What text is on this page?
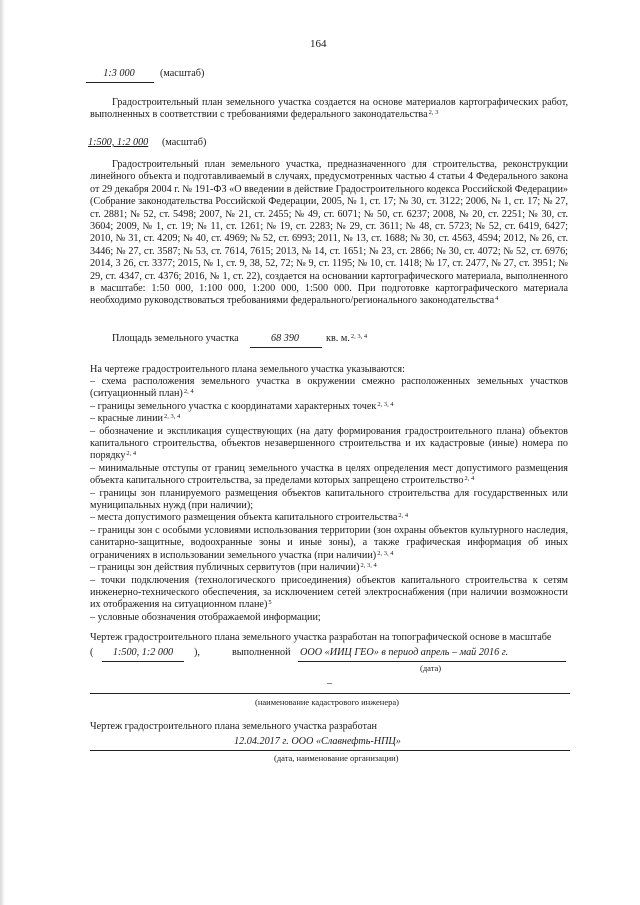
164
1:3 000	(масштаб)
Градостроительный план земельного участка создается на основе материалов картографических работ, выполненных в соответствии с требованиями федерального законодательства$^{2, 3}$
1:500, 1:2 000 (масштаб)
Градостроительный план земельного участка, предназначенного для строительства, реконструкции линейного объекта и подготавливаемый в случаях, предусмотренных частью 4 статьи 4 Федерального закона от 29 декабря 2004 г. № 191-ФЗ «О введении в действие Градостроительного кодекса Российской Федерации» (Собрание законодательства Российской Федерации, 2005, № 1, ст. 17; № 30, ст. 3122; 2006, № 1, ст. 17; № 27, ст. 2881; № 52, ст. 5498; 2007, № 21, ст. 2455; № 49, ст. 6071; № 50, ст. 6237; 2008, № 20, ст. 2251; № 30, ст. 3604; 2009, № 1, ст. 19; № 11, ст. 1261; № 19, ст. 2283; № 29, ст. 3611; № 48, ст. 5723; № 52, ст. 6419, 6427; 2010, № 31, ст. 4209; № 40, ст. 4969; № 52, ст. 6993; 2011, № 13, ст. 1688; № 30, ст. 4563, 4594; 2012, № 26, ст. 3446; № 27, ст. 3587; № 53, ст. 7614, 7615; 2013, № 14, ст. 1651; № 23, ст. 2866; № 30, ст. 4072; № 52, ст. 6976; 2014, 3 26, ст. 3377; 2015, № 1, ст. 9, 38, 52, 72; № 9, ст. 1195; № 10, ст. 1418; № 17, ст. 2477, № 27, ст. 3951; № 29, ст. 4347, ст. 4376; 2016, № 1, ст. 22), создается на основании картографического материала, выполненного в масштабе: 1:50 000, 1:100 000, 1:200 000, 1:500 000. При подготовке картографического материала необходимо руководствоваться требованиями федерального/регионального законодательства$^4$
Площадь земельного участка	68 390	кв. м.$^{2, 3, 4}$
На чертеже градостроительного плана земельного участка указываются:
– схема расположения земельного участка в окружении смежно расположенных земельных участков (ситуационный план)$^{2, 4}$
– границы земельного участка с координатами характерных точек$^{2, 3, 4}$
– красные линии$^{2, 3, 4}$
– обозначение и экспликация существующих (на дату формирования градостроительного плана) объектов капитального строительства, объектов незавершенного строительства и их кадастровые (иные) номера по порядку$^{2, 4}$
– минимальные отступы от границ земельного участка в целях определения мест допустимого размещения объекта капитального строительства, за пределами которых запрещено строительство$^{2, 4}$
– границы зон планируемого размещения объектов капитального строительства для государственных или муниципальных нужд (при наличии);
– места допустимого размещения объекта капитального строительства$^{2, 4}$
– границы зон с особыми условиями использования территории (зон охраны объектов культурного наследия, санитарно-защитные, водоохранные зоны и иные зоны), а также графическая информация об иных ограничениях в использовании земельного участка (при наличии)$^{2, 3, 4}$
– границы зон действия публичных сервитутов (при наличии)$^{2, 3, 4}$
– точки подключения (технологического присоединения) объектов капитального строительства к сетям инженерно-технического обеспечения, за исключением сетей электроснабжения (при наличии возможности их отображения на ситуационном плане)$^5$
– условные обозначения отображаемой информации;
Чертеж градостроительного плана земельного участка разработан на топографической основе в масштабе
(	1:500, 1:2 000	),	выполненной ООО «ИИЦ ГЕО» в период апрель – май 2016 г.
(дата)
–
(наименование кадастрового инженера)
Чертеж градостроительного плана земельного участка разработан
12.04.2017 г. ООО «Славнефть-НПЦ»
(дата, наименование организации)
